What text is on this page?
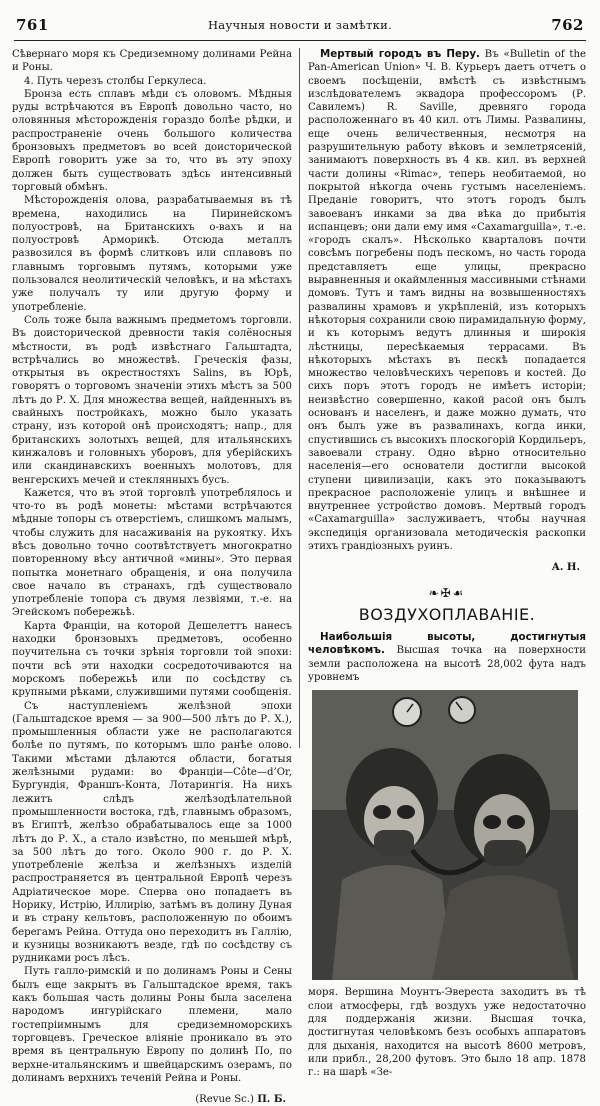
761	Научныя новости и замѣтки.	762

Сѣвернаго моря къ Средиземному долинами Рейна и Роны.

4. Путь черезъ столбы Геркулеса.

Бронза есть сплавъ мѣди съ оловомъ. Мѣдныя руды встрѣчаются въ Европѣ довольно часто, но оловянныя мѣсторожденія гораздо болѣе рѣдки, и распространеніе очень большого количества бронзовыхъ предметовъ во всей доисторической Европѣ говоритъ уже за то, что въ эту эпоху должен быть существовать здѣсь интенсивный торговый обмѣнъ.

Мѣсторожденія олова, разрабатываемыя въ тѣ времена, находились на Пиринейскомъ полуостровѣ, на Британскихъ о-вахъ и на полуостровѣ Арморикѣ. Отсюда металлъ развозился въ формѣ слитковъ или сплавовъ по главнымъ торговымъ путямъ, которыми уже пользовался неолитическій человѣкъ, и на мѣстахъ уже получалъ ту или другую форму и употребленіе.

Соль тоже была важнымъ предметомъ торговли. Въ доисторической древности такія солёносныя мѣстности, въ родѣ извѣстнаго Гальштадта, встрѣчались во множествѣ. Греческія фазы, открытыя въ окрестностяхъ Salins, въ Юрѣ, говорятъ о торговомъ значеніи этихъ мѣстъ за 500 лѣтъ до Р. Х. Для множества вещей, найденныхъ въ свайныхъ постройкахъ, можно было указать страну, изъ которой онѣ происходятъ; напр., для британскихъ золотыхъ вещей, для итальянскихъ кинжаловъ и головныхъ уборовъ, для уберійскихъ или скандинавскихъ военныхъ молотовъ, для венгерскихъ мечей и стеклянныхъ бусъ.

Кажется, что въ этой торговлѣ употреблялось и что-то въ родѣ монеты: мѣстами встрѣчаются мѣдные топоры съ отверстіемъ, слишкомъ малымъ, чтобы служить для насаживанія на рукоятку. Ихъ вѣсъ довольно точно соотвѣтствуетъ многократно повторенному вѣсу античной «мины». Это первая попытка монетнаго обращенія, и она получила свое начало въ странахъ, гдѣ существовало употребленіе топора съ двумя лезвіями, т.-е. на Эгейскомъ побережьѣ.

Карта Франціи, на которой Дешелеттъ нанесъ находки бронзовыхъ предметовъ, особенно поучительна съ точки зрѣнія торговли той эпохи: почти всѣ эти находки сосредоточиваются на морскомъ побережьѣ или по сосѣдству съ крупными рѣками, служившими путями сообщенія.

Съ наступленіемъ желѣзной эпохи (Гальштадское время — за 900—500 лѣтъ до Р. Х.), промышленныя области уже не располагаются болѣе по путямъ, по которымъ шло ранѣе олово. Такими мѣстами дѣлаются области, богатыя желѣзными рудами: во Франціи—Côte—d’Or, Бургундія, Франшъ-Конта, Лотарингія. На нихъ лежитъ слѣдъ желѣзодѣлательной промышленности востока, гдѣ, главнымъ образомъ, въ Египтѣ, желѣзо обрабатывалось еще за 1000 лѣтъ до Р. Х., а стало извѣстно, по меньшей мѣрѣ, за 500 лѣтъ до того. Около 900 г. до Р. Х. употребленіе желѣза и желѣзныхъ изделій распространяется въ центральной Европѣ черезъ Адріатическое море. Сперва оно попадаетъ въ Норику, Истрію, Иллирію, затѣмъ въ долину Дуная и въ страну кельтовъ, расположенную по обоимъ берегамъ Рейна. Оттуда оно переходитъ въ Галлію, и кузницы возникаютъ везде, гдѣ по сосѣдству съ рудниками росъ лѣсъ.

Путь галло-римскій и по долинамъ Роны и Сены былъ еще закрытъ въ Гальштадское время, такъ какъ большая часть долины Роны была заселена народомъ ингурійскаго племени, мало гостепріимнымъ для средиземноморскихъ торговцевъ. Греческое вліяніе проникало въ это время въ центральную Европу по долинѣ По, по верхне-итальянскимъ и швейцарскимъ озерамъ, по долинамъ верхнихъ теченій Рейна и Роны.

(Revue Sc.) П. Б.

Мертвый городъ въ Перу. Въ «Bulletin of the Pan-American Union» Ч. В. Курьеръ даетъ отчетъ о своемъ посѣщеніи, вмѣстѣ съ извѣстнымъ изслѣдователемъ эквадора профессоромъ (Р. Савилемъ) R. Saville, древняго города расположеннаго въ 40 кил. отъ Лимы. Развалины, еще очень величественныя, несмотря на разрушительную работу вѣковъ и землетрясеній, занимаютъ поверхность въ 4 кв. кил. въ верхней части долины «Rimac», теперь необитаемой, но покрытой нѣкогда очень густымъ населеніемъ. Преданіе говоритъ, что этотъ городъ былъ завоеванъ инками за два вѣка до прибытія испанцевъ; они дали ему имя «Caxamarguilla», т.-е. «городъ скалъ». Нѣсколько кварталовъ почти совсѣмъ погребены подъ пескомъ, но часть города представляетъ еще улицы, прекрасно выравненныя и окаймленныя массивными стѣнами домовъ. Тутъ и тамъ видны на возвышенностяхъ развалины храмовъ и укрѣпленій, изъ которыхъ нѣкоторыя сохранили свою пирамидальную форму, и къ которымъ ведутъ длинныя и широкія лѣстницы, пересѣкаемыя террасами. Въ нѣкоторыхъ мѣстахъ въ пескѣ попадается множество человѣческихъ череповъ и костей. До сихъ поръ этотъ городъ не имѣетъ исторіи; неизвѣстно совершенно, какой расой онъ былъ основанъ и населенъ, и даже можно думать, что онъ былъ уже въ развалинахъ, когда инки, спустившись съ высокихъ плоскогорій Кордильеръ, завоевали страну. Одно вѣрно относительно населенія—его основатели достигли высокой ступени цивилизаціи, какъ это показываютъ прекрасное расположеніе улицъ и внѣшнее и внутреннее устройство домовъ. Мертвый городъ «Caxamarguilla» заслуживаетъ, чтобы научная экспедиція организовала методическія раскопки этихъ грандіозныхъ руинъ.

А. Н.

❧✠☙
ВОЗДУХОПЛАВАНІЕ.

Наибольшія высоты, достигнутыя человѣкомъ. Высшая точка на поверхности земли расположена на высотѣ 28,002 фута надъ уровнемъ

моря. Вершина Моунтъ-Эвереста заходитъ въ тѣ слои атмосферы, гдѣ воздухъ уже недостаточно для поддержанія жизни. Высшая точка, достигнутая человѣкомъ безъ особыхъ аппаратовъ для дыханія, находится на высотѣ 8600 метровъ, или прибл., 28,200 футовъ. Это было 18 апр. 1878 г.: на шарѣ «Зе-
